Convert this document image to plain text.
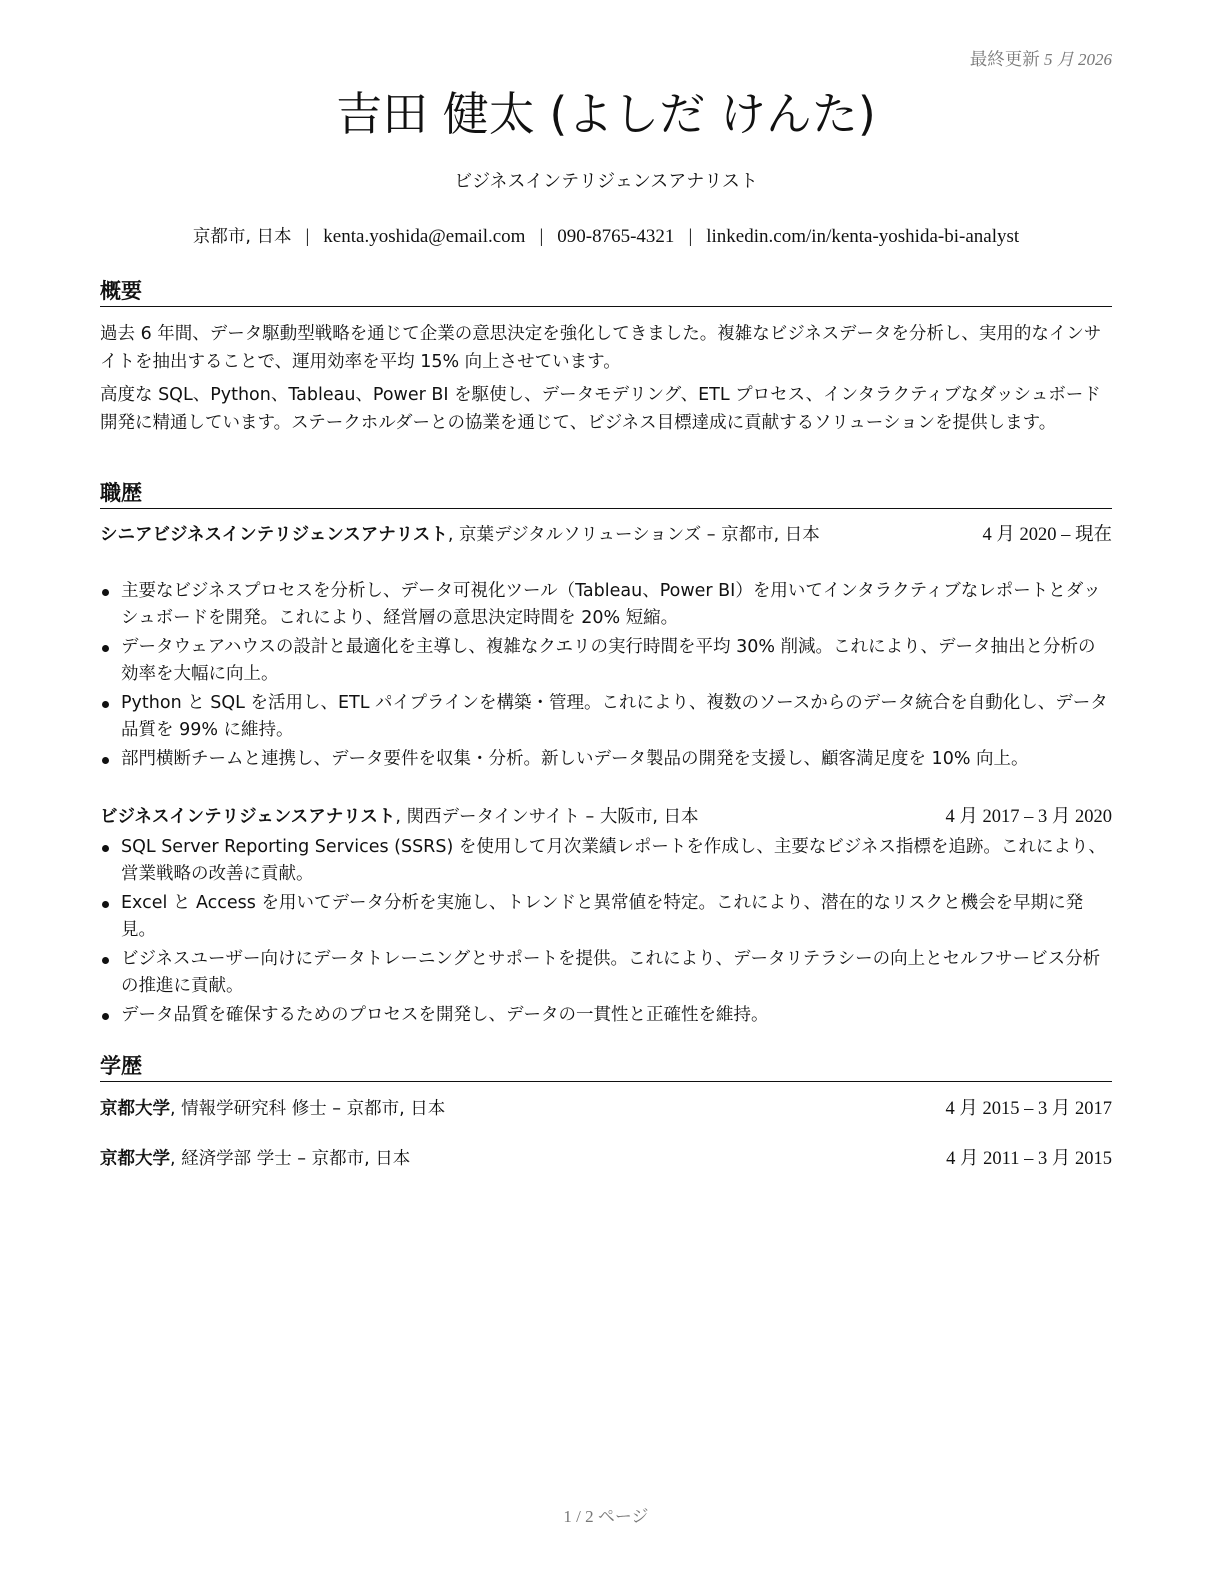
最終更新 5 月 2026
吉田 健太 (よしだ けんた)
ビジネスインテリジェンスアナリスト
京都市, 日本 | kenta.yoshida@email.com | 090-8765-4321 | linkedin.com/in/kenta-yoshida-bi-analyst
概要
過去 6 年間、データ駆動型戦略を通じて企業の意思決定を強化してきました。複雑なビジネスデータを分析し、実用的なインサイトを抽出することで、運用効率を平均 15% 向上させています。
高度な SQL、Python、Tableau、Power BI を駆使し、データモデリング、ETL プロセス、インタラクティブなダッシュボード開発に精通しています。ステークホルダーとの協業を通じて、ビジネス目標達成に貢献するソリューションを提供します。
職歴
シニアビジネスインテリジェンスアナリスト, 京葉デジタルソリューションズ – 京都市, 日本	4 月 2020 – 現在
主要なビジネスプロセスを分析し、データ可視化ツール（Tableau、Power BI）を用いてインタラクティブなレポートとダッシュボードを開発。これにより、経営層の意思決定時間を 20% 短縮。
データウェアハウスの設計と最適化を主導し、複雑なクエリの実行時間を平均 30% 削減。これにより、データ抽出と分析の効率を大幅に向上。
Python と SQL を活用し、ETL パイプラインを構築・管理。これにより、複数のソースからのデータ統合を自動化し、データ品質を 99% に維持。
部門横断チームと連携し、データ要件を収集・分析。新しいデータ製品の開発を支援し、顧客満足度を 10% 向上。
ビジネスインテリジェンスアナリスト, 関西データインサイト – 大阪市, 日本	4 月 2017 – 3 月 2020
SQL Server Reporting Services (SSRS) を使用して月次業績レポートを作成し、主要なビジネス指標を追跡。これにより、営業戦略の改善に貢献。
Excel と Access を用いてデータ分析を実施し、トレンドと異常値を特定。これにより、潜在的なリスクと機会を早期に発見。
ビジネスユーザー向けにデータトレーニングとサポートを提供。これにより、データリテラシーの向上とセルフサービス分析の推進に貢献。
データ品質を確保するためのプロセスを開発し、データの一貫性と正確性を維持。
学歴
京都大学, 情報学研究科 修士 – 京都市, 日本	4 月 2015 – 3 月 2017
京都大学, 経済学部 学士 – 京都市, 日本	4 月 2011 – 3 月 2015
1 / 2 ページ
